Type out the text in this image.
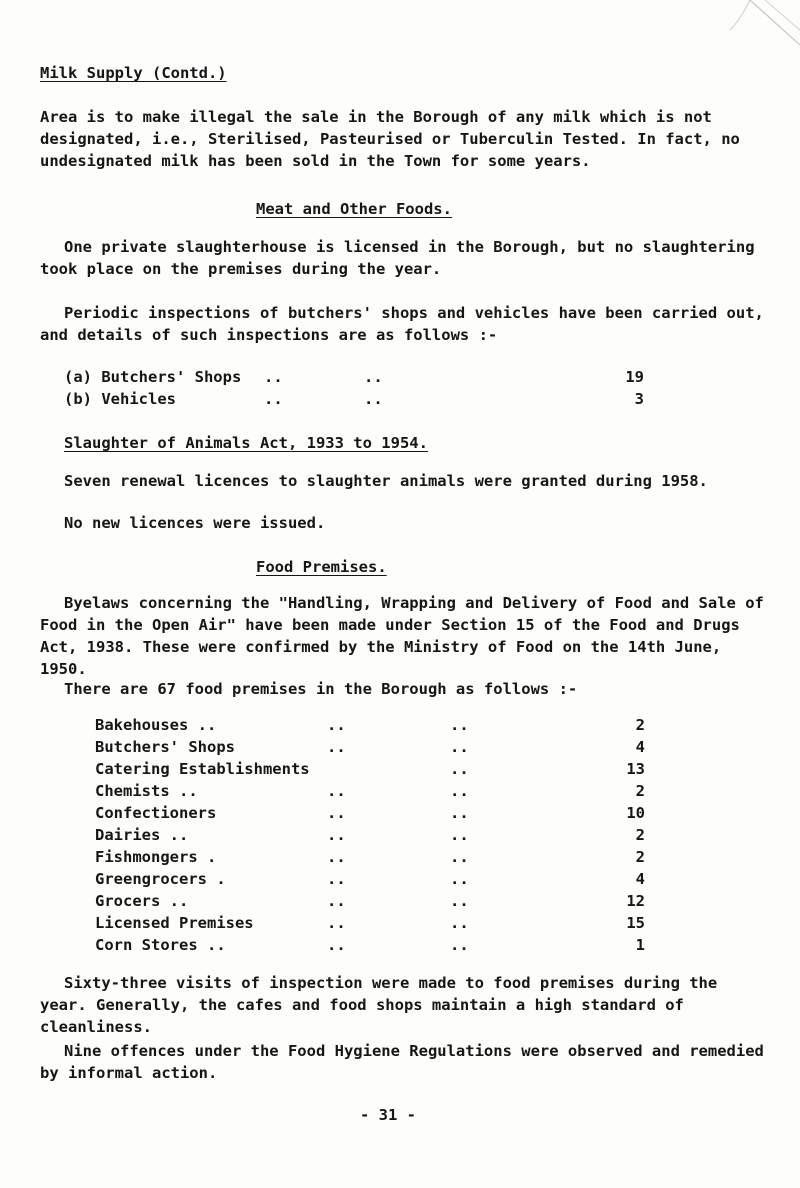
Milk Supply (Contd.)
Area is to make illegal the sale in the Borough of any milk which is not designated, i.e., Sterilised, Pasteurised or Tuberculin Tested. In fact, no undesignated milk has been sold in the Town for some years.
Meat and Other Foods.
One private slaughterhouse is licensed in the Borough, but no slaughtering took place on the premises during the year.
Periodic inspections of butchers' shops and vehicles have been carried out, and details of such inspections are as follows :-
(a) Butchers' Shops ..	..	19
(b) Vehicles	..	..	3
Slaughter of Animals Act, 1933 to 1954.
Seven renewal licences to slaughter animals were granted during 1958.
No new licences were issued.
Food Premises.
Byelaws concerning the "Handling, Wrapping and Delivery of Food and Sale of Food in the Open Air" have been made under Section 15 of the Food and Drugs Act, 1938. These were confirmed by the Ministry of Food on the 14th June, 1950.
There are 67 food premises in the Borough as follows :-
Bakehouses ..	..	..	2
Butchers' Shops	..	..	4
Catering Establishments	..	13
Chemists ..	..	..	2
Confectioners	..	..	10
Dairies ..	..	..	2
Fishmongers .	..	..	2
Greengrocers .	..	..	4
Grocers ..	..	..	12
Licensed Premises	..	..	15
Corn Stores ..	..	..	1
Sixty-three visits of inspection were made to food premises during the year. Generally, the cafes and food shops maintain a high standard of cleanliness.
Nine offences under the Food Hygiene Regulations were observed and remedied by informal action.
- 31 -
